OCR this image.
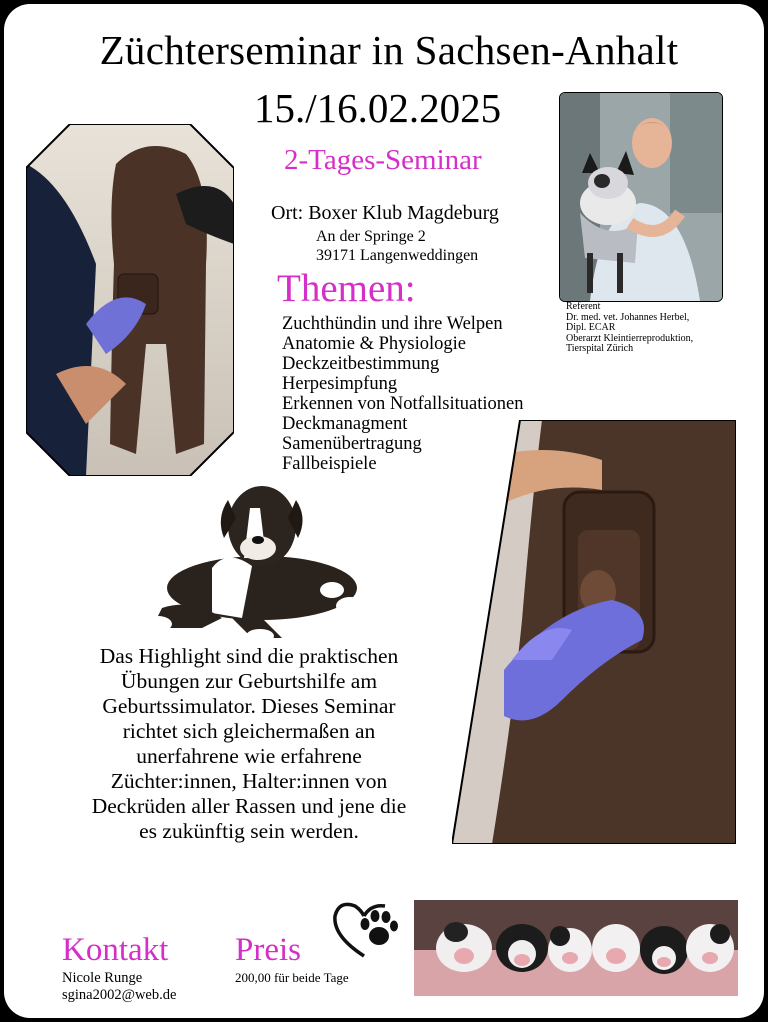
Züchterseminar in Sachsen-Anhalt
15./16.02.2025
2-Tages-Seminar
Ort: Boxer Klub Magdeburg
An der Springe 2
39171 Langenweddingen
Themen:
Zuchthündin und ihre Welpen
Anatomie & Physiologie
Deckzeitbestimmung
Herpesimpfung
Erkennen von Notfallsituationen
Deckmanagment
Samenübertragung
Fallbeispiele
Referent
Dr. med. vet. Johannes Herbel,
Dipl. ECAR
Oberarzt Kleintierreproduktion,
Tierspital Zürich
Das Highlight sind die praktischen
Übungen zur Geburtshilfe am
Geburtssimulator. Dieses Seminar
richtet sich gleichermaßen an
unerfahrene wie erfahrene
Züchter:innen, Halter:innen von
Deckrüden aller Rassen und jene die
es zukünftig sein werden.
Kontakt
Nicole Runge
sgina2002@web.de
Preis
200,00 für beide Tage
